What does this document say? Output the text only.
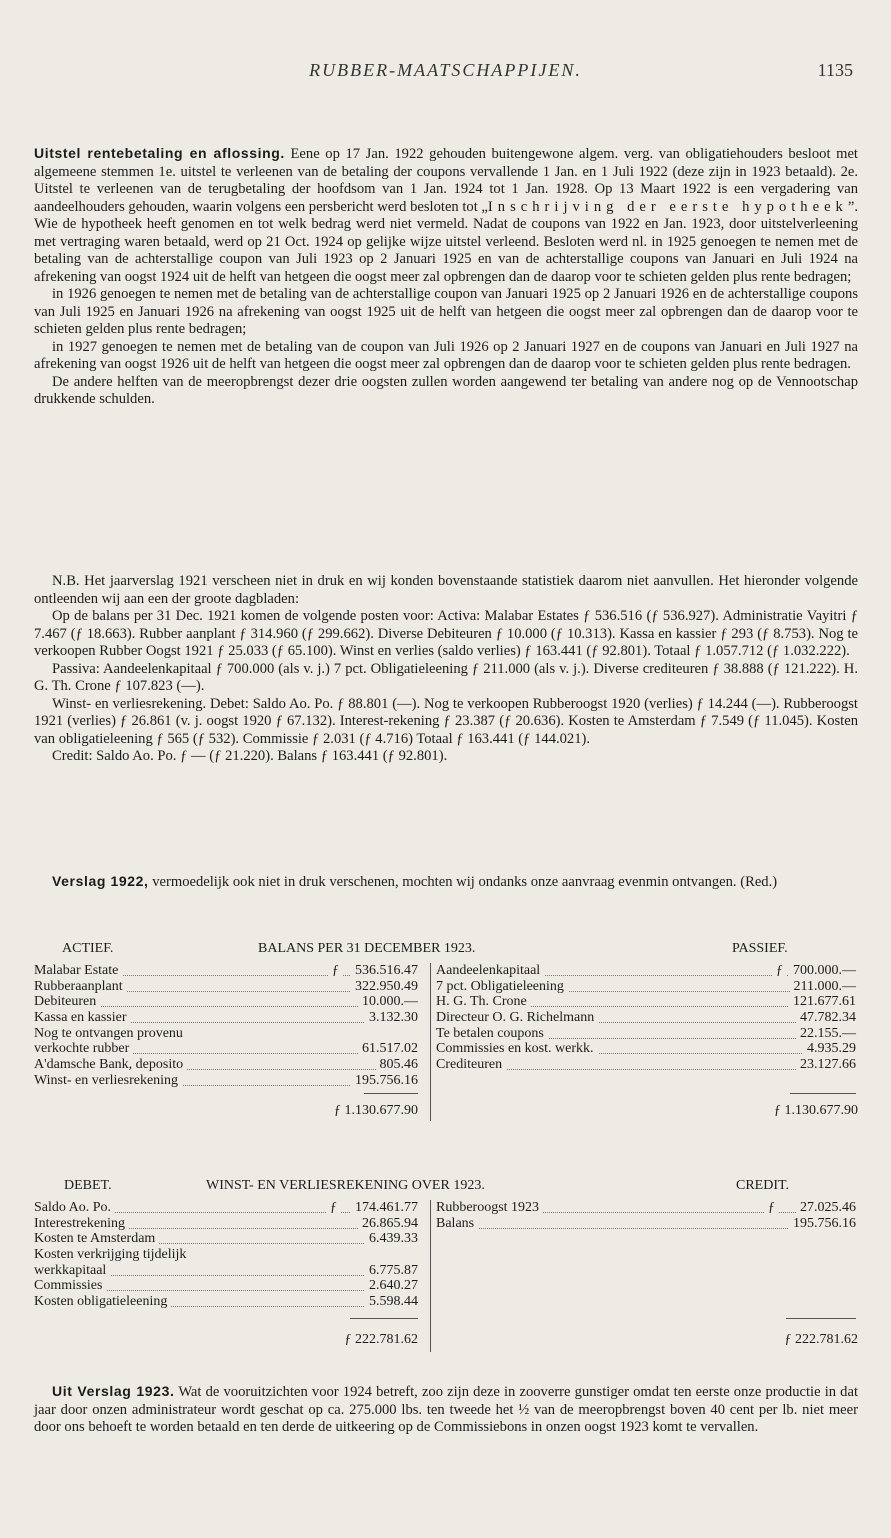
RUBBER-MAATSCHAPPIJEN.	1135

Uitstel rentebetaling en aflossing. Eene op 17 Jan. 1922 gehouden buitengewone algem. verg. van obligatiehouders besloot met algemeene stemmen 1e. uitstel te verleenen van de betaling der coupons vervallende 1 Jan. en 1 Juli 1922 (deze zijn in 1923 betaald). 2e. Uitstel te verleenen van de terugbetaling der hoofdsom van 1 Jan. 1924 tot 1 Jan. 1928. Op 13 Maart 1922 is een vergadering van aandeelhouders gehouden, waarin volgens een persbericht werd besloten tot „Inschrijving der eerste hypotheek”. Wie de hypotheek heeft genomen en tot welk bedrag werd niet vermeld. Nadat de coupons van 1922 en Jan. 1923, door uitstelverleening met vertraging waren betaald, werd op 21 Oct. 1924 op gelijke wijze uitstel verleend. Besloten werd nl. in 1925 genoegen te nemen met de betaling van de achterstallige coupon van Juli 1923 op 2 Januari 1925 en van de achterstallige coupons van Januari en Juli 1924 na afrekening van oogst 1924 uit de helft van hetgeen die oogst meer zal opbrengen dan de daarop voor te schieten gelden plus rente bedragen;

in 1926 genoegen te nemen met de betaling van de achterstallige coupon van Januari 1925 op 2 Januari 1926 en de achterstallige coupons van Juli 1925 en Januari 1926 na afrekening van oogst 1925 uit de helft van hetgeen die oogst meer zal opbrengen dan de daarop voor te schieten gelden plus rente bedragen;

in 1927 genoegen te nemen met de betaling van de coupon van Juli 1926 op 2 Januari 1927 en de coupons van Januari en Juli 1927 na afrekening van oogst 1926 uit de helft van hetgeen die oogst meer zal opbrengen dan de daarop voor te schieten gelden plus rente bedragen.

De andere helften van de meeropbrengst dezer drie oogsten zullen worden aangewend ter betaling van andere nog op de Vennootschap drukkende schulden.

N.B. Het jaarverslag 1921 verscheen niet in druk en wij konden bovenstaande statistiek daarom niet aanvullen. Het hieronder volgende ontleenden wij aan een der groote dagbladen:

Op de balans per 31 Dec. 1921 komen de volgende posten voor: Activa: Malabar Estates ƒ 536.516 (ƒ 536.927). Administratie Vayitri ƒ 7.467 (ƒ 18.663). Rubber aanplant ƒ 314.960 (ƒ 299.662). Diverse Debiteuren ƒ 10.000 (ƒ 10.313). Kassa en kassier ƒ 293 (ƒ 8.753). Nog te verkoopen Rubber Oogst 1921 ƒ 25.033 (ƒ 65.100). Winst en verlies (saldo verlies) ƒ 163.441 (ƒ 92.801). Totaal ƒ 1.057.712 (ƒ 1.032.222).

Passiva: Aandeelenkapitaal ƒ 700.000 (als v. j.) 7 pct. Obligatieleening ƒ 211.000 (als v. j.). Diverse crediteuren ƒ 38.888 (ƒ 121.222). H. G. Th. Crone ƒ 107.823 (—).

Winst- en verliesrekening. Debet: Saldo Ao. Po. ƒ 88.801 (—). Nog te verkoopen Rubberoogst 1920 (verlies) ƒ 14.244 (—). Rubberoogst 1921 (verlies) ƒ 26.861 (v. j. oogst 1920 ƒ 67.132). Interest-rekening ƒ 23.387 (ƒ 20.636). Kosten te Amsterdam ƒ 7.549 (ƒ 11.045). Kosten van obligatieleening ƒ 565 (ƒ 532). Commissie ƒ 2.031 (ƒ 4.716) Totaal ƒ 163.441 (ƒ 144.021).

Credit: Saldo Ao. Po. ƒ — (ƒ 21.220). Balans ƒ 163.441 (ƒ 92.801).

Verslag 1922, vermoedelijk ook niet in druk verschenen, mochten wij ondanks onze aanvraag evenmin ontvangen. (Red.)

ACTIEF.	BALANS PER 31 DECEMBER 1923.	PASSIEF.
Malabar Estate	ƒ 536.516.47
Rubberaanplant	322.950.49
Debiteuren	10.000.—
Kassa en kassier	3.132.30
Nog te ontvangen provenu
verkochte rubber	61.517.02
A'damsche Bank, deposito	805.46
Winst- en verliesrekening	195.756.16
Aandeelenkapitaal	ƒ 700.000.—
7 pct. Obligatieleening	211.000.—
H. G. Th. Crone	121.677.61
Directeur O. G. Richelmann	47.782.34
Te betalen coupons	22.155.—
Commissies en kost. werkk.	4.935.29
Crediteuren	23.127.66
ƒ 1.130.677.90	ƒ 1.130.677.90
DEBET.	WINST- EN VERLIESREKENING OVER 1923.	CREDIT.
Saldo Ao. Po.	ƒ 174.461.77
Interestrekening	26.865.94
Kosten te Amsterdam	6.439.33
Kosten verkrijging tijdelijk
werkkapitaal	6.775.87
Commissies	2.640.27
Kosten obligatieleening	5.598.44
Rubberoogst 1923	ƒ 27.025.46
Balans	195.756.16
ƒ 222.781.62	ƒ 222.781.62

Uit Verslag 1923. Wat de vooruitzichten voor 1924 betreft, zoo zijn deze in zooverre gunstiger omdat ten eerste onze productie in dat jaar door onzen administrateur wordt geschat op ca. 275.000 lbs. ten tweede het ½ van de meeropbrengst boven 40 cent per lb. niet meer door ons behoeft te worden betaald en ten derde de uitkeering op de Commissiebons in onzen oogst 1923 komt te vervallen.
